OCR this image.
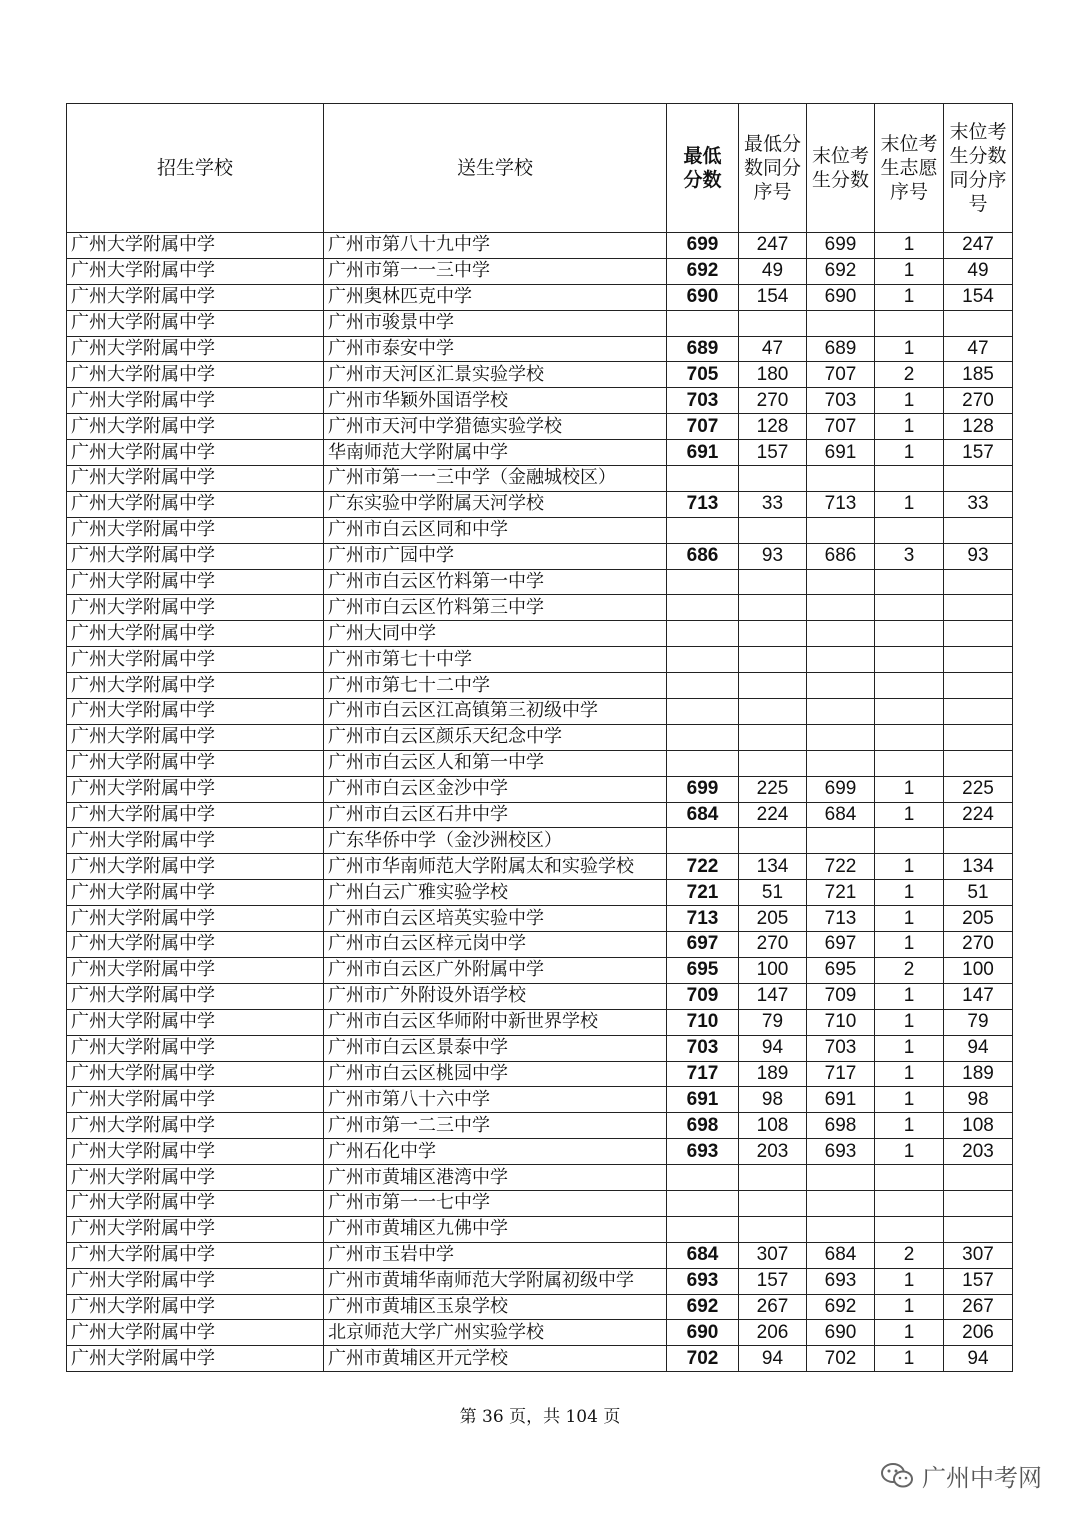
招生学校	送生学校	最低分数	最低分数同分序号	末位考生分数	末位考生志愿序号	末位考生分数同分序号
广州大学附属中学	广州市第八十九中学	699	247	699	1	247
广州大学附属中学	广州市第一一三中学	692	49	692	1	49
广州大学附属中学	广州奥林匹克中学	690	154	690	1	154
广州大学附属中学	广州市骏景中学					
广州大学附属中学	广州市泰安中学	689	47	689	1	47
广州大学附属中学	广州市天河区汇景实验学校	705	180	707	2	185
广州大学附属中学	广州市华颖外国语学校	703	270	703	1	270
广州大学附属中学	广州市天河中学猎德实验学校	707	128	707	1	128
广州大学附属中学	华南师范大学附属中学	691	157	691	1	157
广州大学附属中学	广州市第一一三中学（金融城校区）					
广州大学附属中学	广东实验中学附属天河学校	713	33	713	1	33
广州大学附属中学	广州市白云区同和中学					
广州大学附属中学	广州市广园中学	686	93	686	3	93
广州大学附属中学	广州市白云区竹料第一中学					
广州大学附属中学	广州市白云区竹料第三中学					
广州大学附属中学	广州大同中学					
广州大学附属中学	广州市第七十中学					
广州大学附属中学	广州市第七十二中学					
广州大学附属中学	广州市白云区江高镇第三初级中学					
广州大学附属中学	广州市白云区颜乐天纪念中学					
广州大学附属中学	广州市白云区人和第一中学					
广州大学附属中学	广州市白云区金沙中学	699	225	699	1	225
广州大学附属中学	广州市白云区石井中学	684	224	684	1	224
广州大学附属中学	广东华侨中学（金沙洲校区）					
广州大学附属中学	广州市华南师范大学附属太和实验学校	722	134	722	1	134
广州大学附属中学	广州白云广雅实验学校	721	51	721	1	51
广州大学附属中学	广州市白云区培英实验中学	713	205	713	1	205
广州大学附属中学	广州市白云区梓元岗中学	697	270	697	1	270
广州大学附属中学	广州市白云区广外附属中学	695	100	695	2	100
广州大学附属中学	广州市广外附设外语学校	709	147	709	1	147
广州大学附属中学	广州市白云区华师附中新世界学校	710	79	710	1	79
广州大学附属中学	广州市白云区景泰中学	703	94	703	1	94
广州大学附属中学	广州市白云区桃园中学	717	189	717	1	189
广州大学附属中学	广州市第八十六中学	691	98	691	1	98
广州大学附属中学	广州市第一二三中学	698	108	698	1	108
广州大学附属中学	广州石化中学	693	203	693	1	203
广州大学附属中学	广州市黄埔区港湾中学					
广州大学附属中学	广州市第一一七中学					
广州大学附属中学	广州市黄埔区九佛中学					
广州大学附属中学	广州市玉岩中学	684	307	684	2	307
广州大学附属中学	广州市黄埔华南师范大学附属初级中学	693	157	693	1	157
广州大学附属中学	广州市黄埔区玉泉学校	692	267	692	1	267
广州大学附属中学	北京师范大学广州实验学校	690	206	690	1	206
广州大学附属中学	广州市黄埔区开元学校	702	94	702	1	94
第 36 页，共 104 页
广州中考网
